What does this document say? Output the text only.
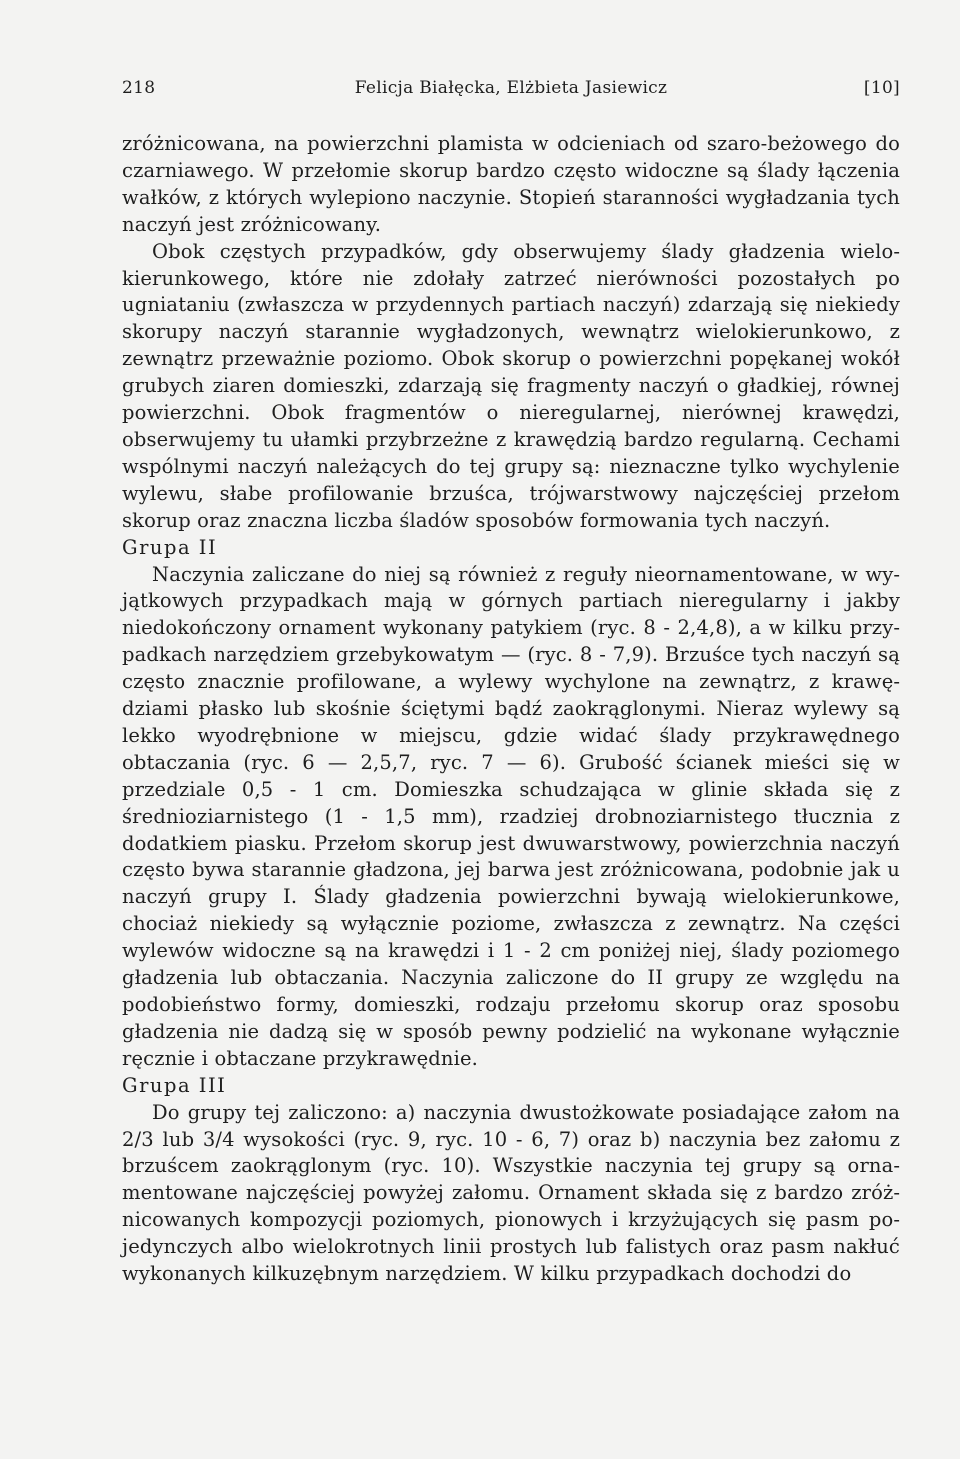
218	Felicja Białęcka, Elżbieta Jasiewicz	[10]

zróżnicowana, na powierzchni plamista w odcieniach od szaro-beżowego do czarniawego. W przełomie skorup bardzo często widoczne są ślady łączenia wałków, z których wylepiono naczynie. Stopień staranności wygładzania tych naczyń jest zróżnicowany.

Obok częstych przypadków, gdy obserwujemy ślady gładzenia wielokierunkowego, które nie zdołały zatrzeć nierówności pozostałych po ugniataniu (zwłaszcza w przydennych partiach naczyń) zdarzają się niekiedy skorupy naczyń starannie wygładzonych, wewnątrz wielokierunkowo, z zewnątrz przeważnie poziomo. Obok skorup o powierzchni popękanej wokół grubych ziaren domieszki, zdarzają się fragmenty naczyń o gładkiej, równej powierzchni. Obok fragmentów o nieregularnej, nierównej krawędzi, obserwujemy tu ułamki przybrzeżne z krawędzią bardzo regularną. Cechami wspólnymi naczyń należących do tej grupy są: nieznaczne tylko wychylenie wylewu, słabe profilowanie brzuśca, trójwarstwowy najczęściej przełom skorup oraz znaczna liczba śladów sposobów formowania tych naczyń.

Grupa II

Naczynia zaliczane do niej są również z reguły nieornamentowane, w wyjątkowych przypadkach mają w górnych partiach nieregularny i jakby niedokończony ornament wykonany patykiem (ryc. 8 - 2,4,8), a w kilku przypadkach narzędziem grzebykowatym — (ryc. 8 - 7,9). Brzuśce tych naczyń są często znacznie profilowane, a wylewy wychylone na zewnątrz, z krawędziami płasko lub skośnie ściętymi bądź zaokrąglonymi. Nieraz wylewy są lekko wyodrębnione w miejscu, gdzie widać ślady przykrawędnego obtaczania (ryc. 6 — 2,5,7, ryc. 7 — 6). Grubość ścianek mieści się w przedziale 0,5 - 1 cm. Domieszka schudzająca w glinie składa się z średnioziarnistego (1 - 1,5 mm), rzadziej drobnoziarnistego tłucznia z dodatkiem piasku. Przełom skorup jest dwuwarstwowy, powierzchnia naczyń często bywa starannie gładzona, jej barwa jest zróżnicowana, podobnie jak u naczyń grupy I. Ślady gładzenia powierzchni bywają wielokierunkowe, chociaż niekiedy są wyłącznie poziome, zwłaszcza z zewnątrz. Na części wylewów widoczne są na krawędzi i 1 - 2 cm poniżej niej, ślady poziomego gładzenia lub obtaczania. Naczynia zaliczone do II grupy ze względu na podobieństwo formy, domieszki, rodzaju przełomu skorup oraz sposobu gładzenia nie dadzą się w sposób pewny podzielić na wykonane wyłącznie ręcznie i obtaczane przykrawędnie.

Grupa III

Do grupy tej zaliczono: a) naczynia dwustożkowate posiadające załom na 2/3 lub 3/4 wysokości (ryc. 9, ryc. 10 - 6, 7) oraz b) naczynia bez załomu z brzuścem zaokrąglonym (ryc. 10). Wszystkie naczynia tej grupy są ornamentowane najczęściej powyżej załomu. Ornament składa się z bardzo zróżnicowanych kompozycji poziomych, pionowych i krzyżujących się pasm pojedynczych albo wielokrotnych linii prostych lub falistych oraz pasm nakłuć wykonanych kilkuzębnym narzędziem. W kilku przypadkach dochodzi do
